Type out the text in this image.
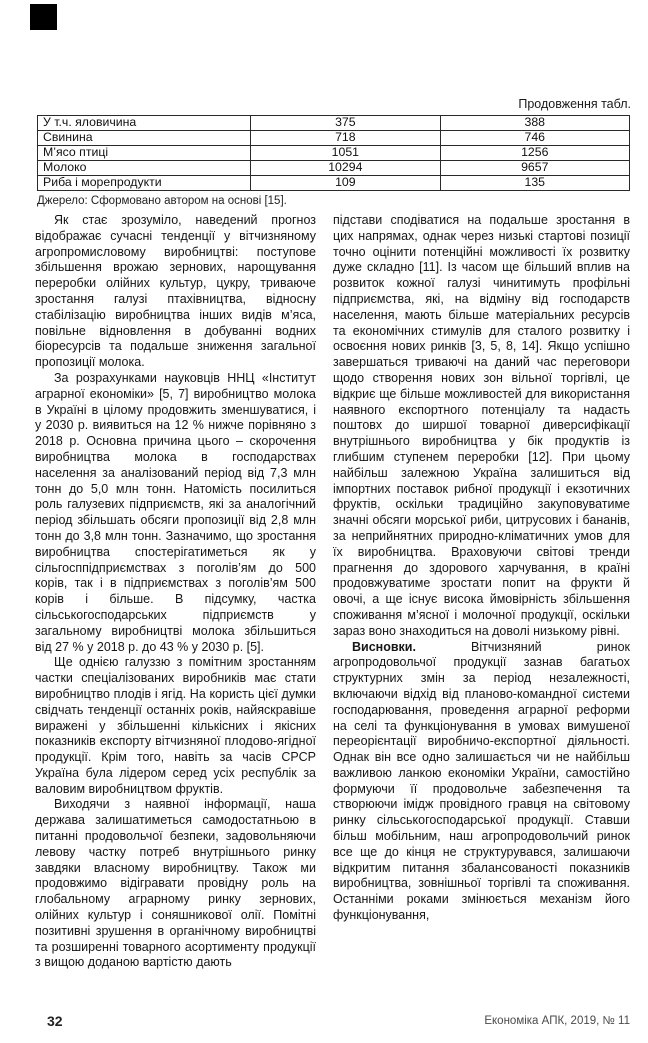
Продовження табл.
У т.ч. яловичина	375	388
Свинина	718	746
М’ясо птиці	1051	1256
Молоко	10294	9657
Риба і морепродукти	109	135
Джерело: Сформовано автором на основі [15].

Як стає зрозуміло, наведений прогноз відображає сучасні тенденції у вітчизняному агропромисловому виробництві: поступове збільшення врожаю зернових, нарощування переробки олійних культур, цукру, триваюче зростання галузі птахівництва, відносну стабілізацію виробництва інших видів м’яса, повільне відновлення в добуванні водних біоресурсів та подальше зниження загальної пропозиції молока.

За розрахунками науковців ННЦ «Інститут аграрної економіки» [5, 7] виробництво молока в Україні в цілому продовжить зменшуватися, і у 2030 р. виявиться на 12 % нижче порівняно з 2018 р. Основна причина цього – скорочення виробництва молока в господарствах населення за аналізований період від 7,3 млн тонн до 5,0 млн тонн. Натомість посилиться роль галузевих підприємств, які за аналогічний період збільшать обсяги пропозиції від 2,8 млн тонн до 3,8 млн тонн. Зазначимо, що зростання виробництва спостерігатиметься як у сільгосппідприємствах з поголів’ям до 500 корів, так і в підприємствах з поголів’ям 500 корів і більше. В підсумку, частка сільськогосподарських підприємств у загальному виробництві молока збільшиться від 27 % у 2018 р. до 43 % у 2030 р. [5].

Ще однією галуззю з помітним зростанням частки спеціалізованих виробників має стати виробництво плодів і ягід. На користь цієї думки свідчать тенденції останніх років, найяскравіше виражені у збільшенні кількісних і якісних показників експорту вітчизняної плодово-ягідної продукції. Крім того, навіть за часів СРСР Україна була лідером серед усіх республік за валовим виробництвом фруктів.

Виходячи з наявної інформації, наша держава залишатиметься самодостатньою в питанні продовольчої безпеки, задовольняючи левову частку потреб внутрішнього ринку завдяки власному виробництву. Також ми продовжимо відігравати провідну роль на глобальному аграрному ринку зернових, олійних культур і соняшникової олії. Помітні позитивні зрушення в органічному виробництві та розширенні товарного асортименту продукції з вищою доданою вартістю дають

підстави сподіватися на подальше зростання в цих напрямах, однак через низькі стартові позиції точно оцінити потенційні можливості їх розвитку дуже складно [11]. Із часом ще більший вплив на розвиток кожної галузі чинитимуть профільні підприємства, які, на відміну від господарств населення, мають більше матеріальних ресурсів та економічних стимулів для сталого розвитку і освоєння нових ринків [3, 5, 8, 14]. Якщо успішно завершаться триваючі на даний час переговори щодо створення нових зон вільної торгівлі, це відкриє ще більше можливостей для використання наявного експортного потенціалу та надасть поштовх до ширшої товарної диверсифікації внутрішнього виробництва у бік продуктів із глибшим ступенем переробки [12]. При цьому найбільш залежною Україна залишиться від імпортних поставок рибної продукції і екзотичних фруктів, оскільки традиційно закуповуватиме значні обсяги морської риби, цитрусових і бананів, за неприйнятних природно-кліматичних умов для їх виробництва. Враховуючи світові тренди прагнення до здорового харчування, в країні продовжуватиме зростати попит на фрукти й овочі, а ще існує висока ймовірність збільшення споживання м’ясної і молочної продукції, оскільки зараз воно знаходиться на доволі низькому рівні.

Висновки. Вітчизняний ринок агропродовольчої продукції зазнав багатьох структурних змін за період незалежності, включаючи відхід від планово-командної системи господарювання, проведення аграрної реформи на селі та функціонування в умовах вимушеної переорієнтації виробничо-експортної діяльності. Однак він все одно залишається чи не найбільш важливою ланкою економіки України, самостійно формуючи її продовольче забезпечення та створюючи імідж провідного гравця на світовому ринку сільськогосподарської продукції. Ставши більш мобільним, наш агропродовольчий ринок все ще до кінця не структурувався, залишаючи відкритим питання збалансованості показників виробництва, зовнішньої торгівлі та споживання. Останніми роками змінюється механізм його функціонування,

32	Економіка АПК, 2019, № 11
